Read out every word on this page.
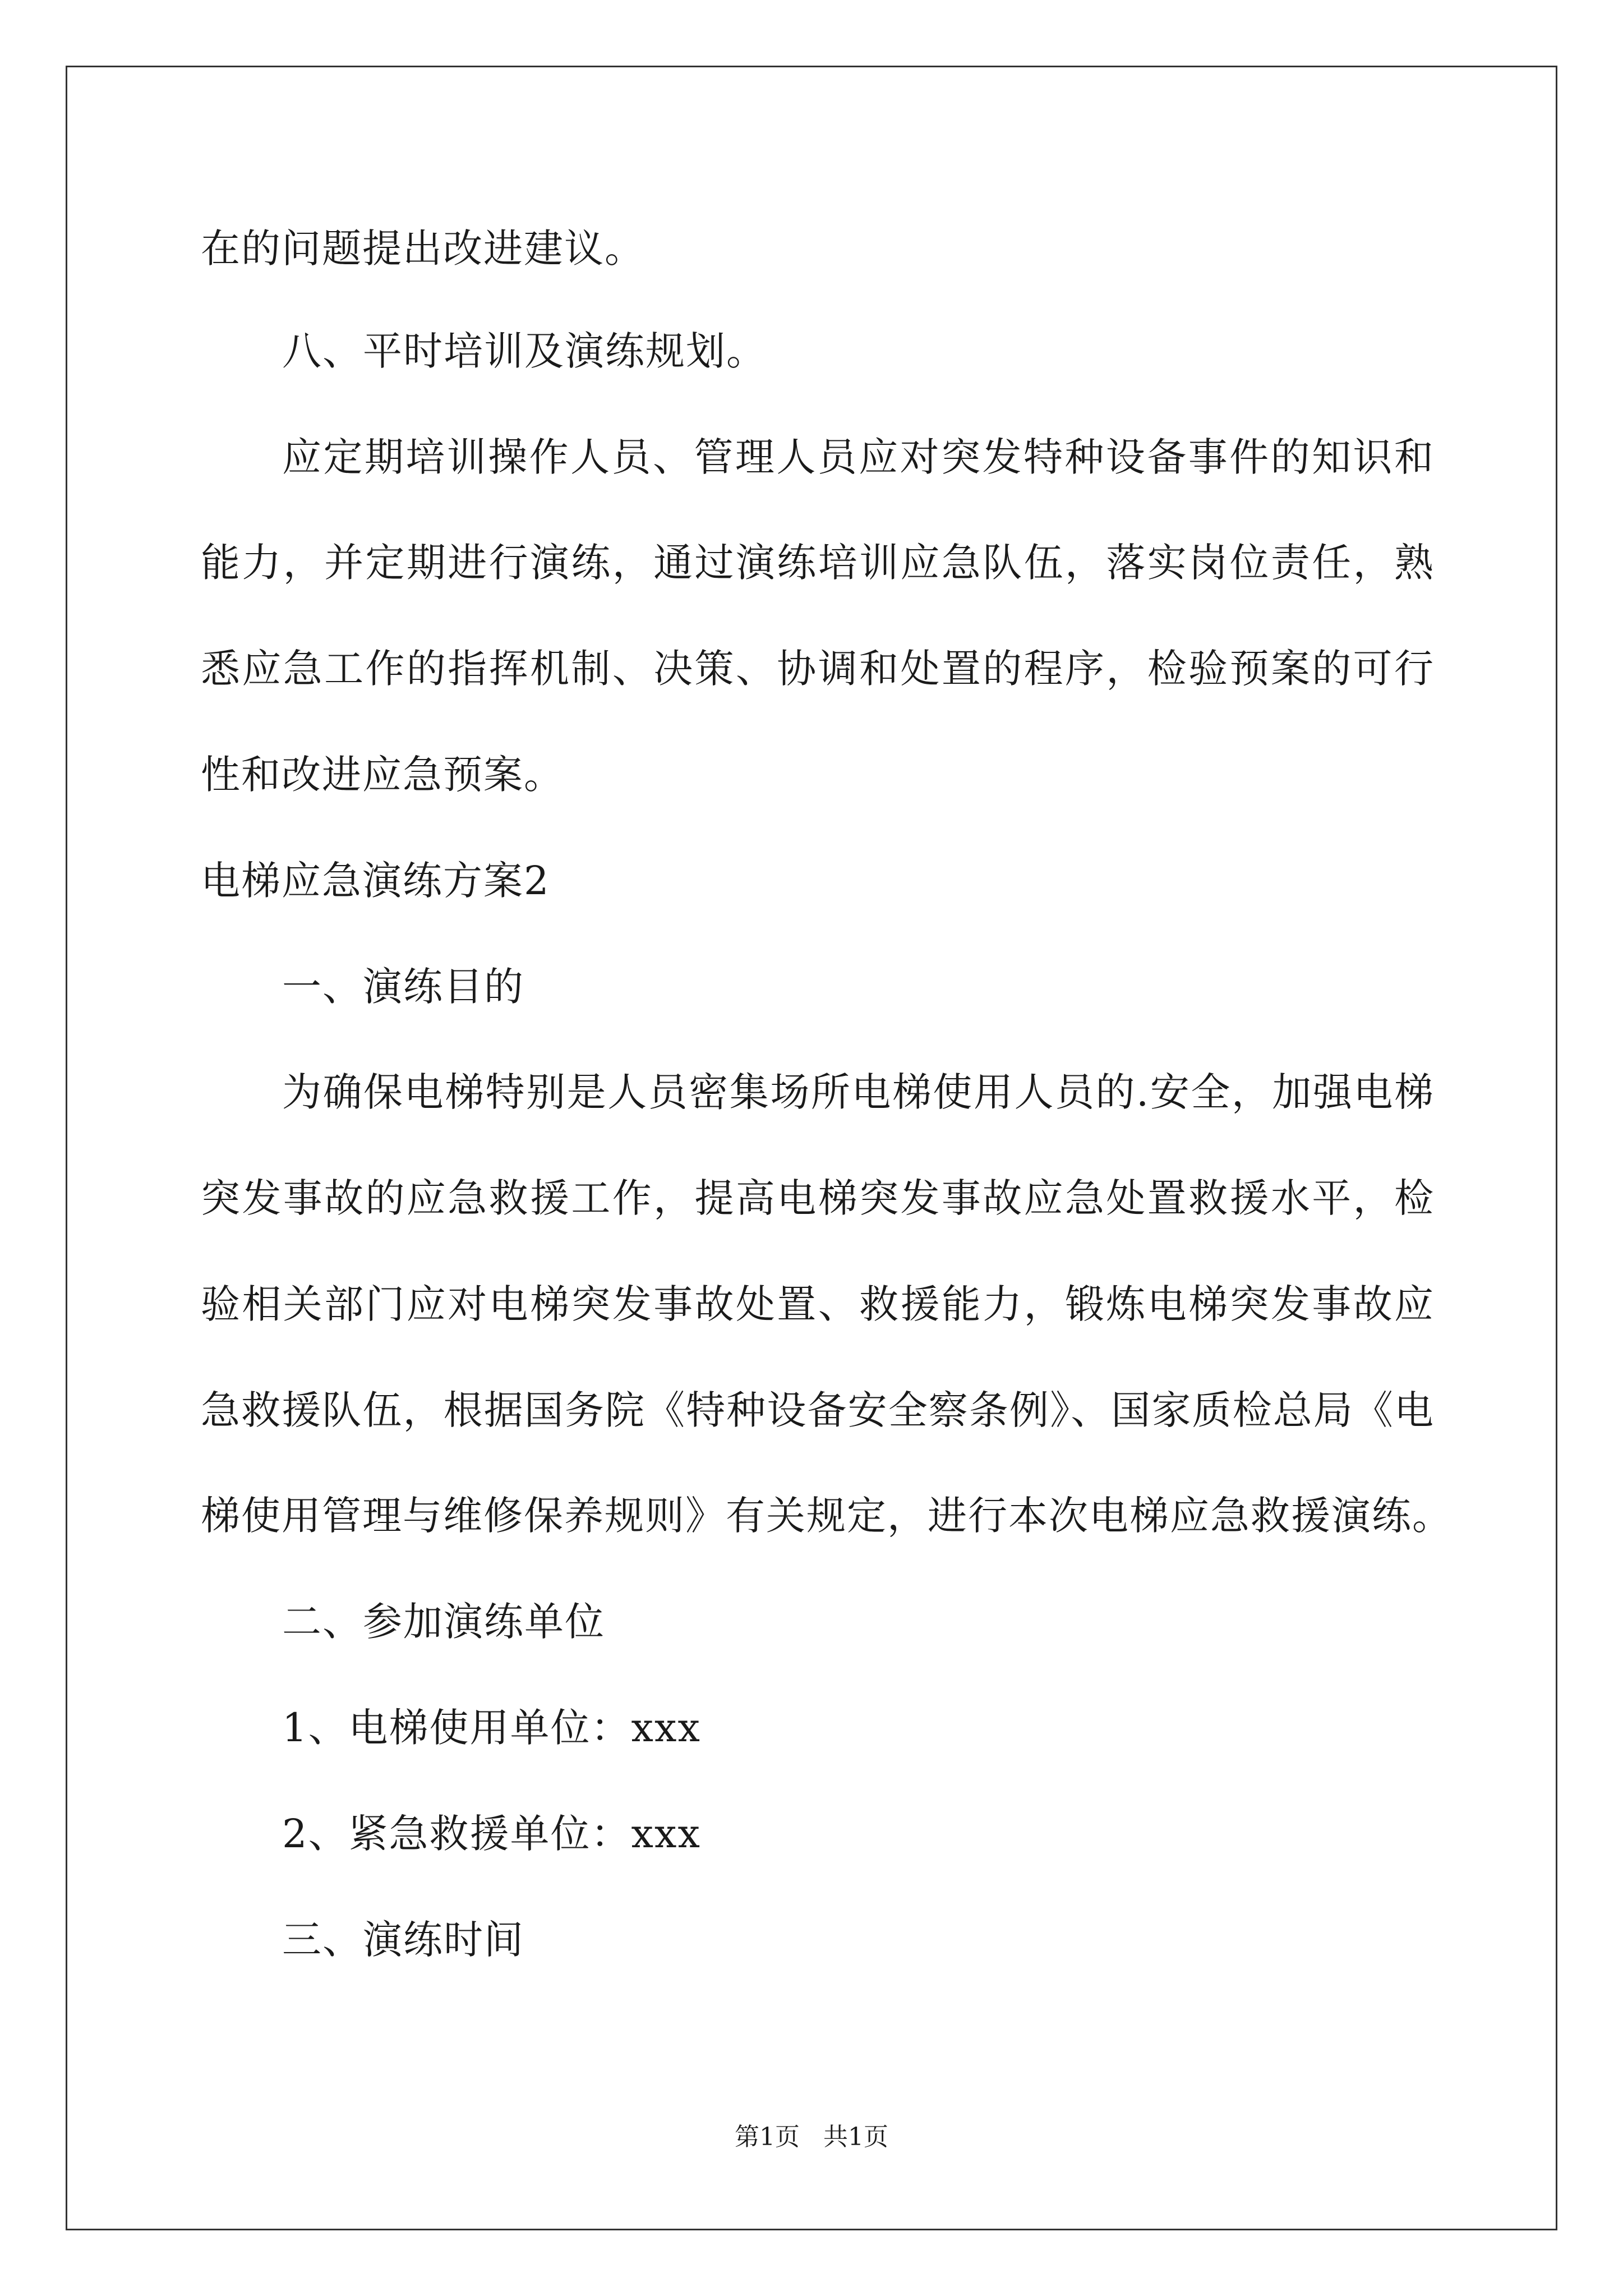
在的问题提出改进建议。
八、平时培训及演练规划。
应定期培训操作人员、管理人员应对突发特种设备事件的知识和
能力，并定期进行演练，通过演练培训应急队伍，落实岗位责任，熟
悉应急工作的指挥机制、决策、协调和处置的程序，检验预案的可行
性和改进应急预案。
电梯应急演练方案2
一、演练目的
为确保电梯特别是人员密集场所电梯使用人员的.安全，加强电梯
突发事故的应急救援工作，提高电梯突发事故应急处置救援水平，检
验相关部门应对电梯突发事故处置、救援能力，锻炼电梯突发事故应
急救援队伍，根据国务院《特种设备安全察条例》、国家质检总局《电
梯使用管理与维修保养规则》有关规定，进行本次电梯应急救援演练。
二、参加演练单位
1、电梯使用单位：xxx
2、紧急救援单位：xxx
三、演练时间
第1页   共1页
